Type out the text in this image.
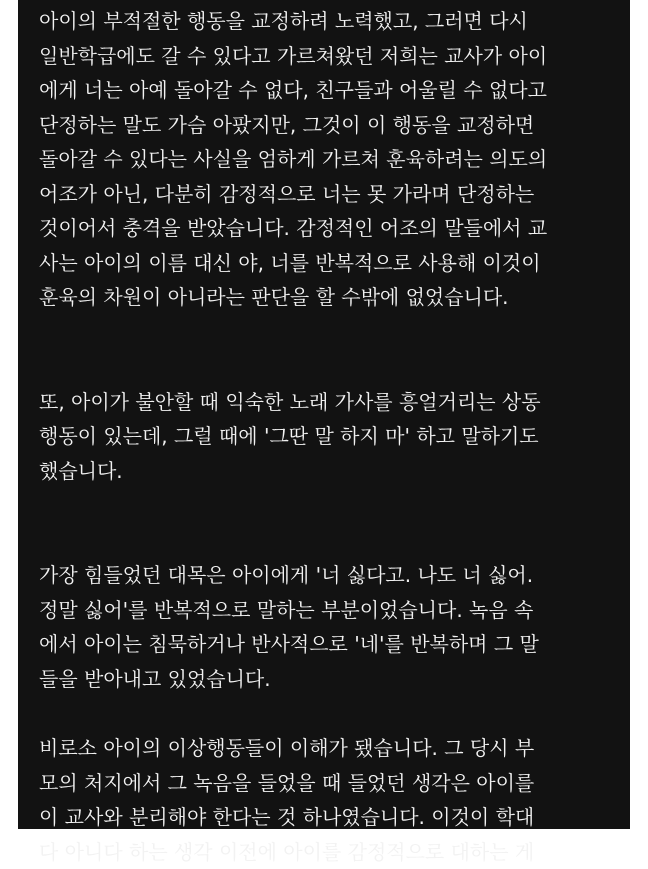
아이의 부적절한 행동을 교정하려 노력했고, 그러면 다시
일반학급에도 갈 수 있다고 가르쳐왔던 저희는 교사가 아이
에게 너는 아예 돌아갈 수 없다, 친구들과 어울릴 수 없다고
단정하는 말도 가슴 아팠지만, 그것이 이 행동을 교정하면
돌아갈 수 있다는 사실을 엄하게 가르쳐 훈육하려는 의도의
어조가 아닌, 다분히 감정적으로 너는 못 가라며 단정하는
것이어서 충격을 받았습니다. 감정적인 어조의 말들에서 교
사는 아이의 이름 대신 야, 너를 반복적으로 사용해 이것이
훈육의 차원이 아니라는 판단을 할 수밖에 없었습니다.
또, 아이가 불안할 때 익숙한 노래 가사를 흥얼거리는 상동
행동이 있는데, 그럴 때에 '그딴 말 하지 마' 하고 말하기도
했습니다.
가장 힘들었던 대목은 아이에게 '너 싫다고. 나도 너 싫어.
정말 싫어'를 반복적으로 말하는 부분이었습니다. 녹음 속
에서 아이는 침묵하거나 반사적으로 '네'를 반복하며 그 말
들을 받아내고 있었습니다.
비로소 아이의 이상행동들이 이해가 됐습니다. 그 당시 부
모의 처지에서 그 녹음을 들었을 때 들었던 생각은 아이를
이 교사와 분리해야 한다는 것 하나였습니다. 이것이 학대
다 아니다 하는 생각 이전에 아이를 감정적으로 대하는 게
